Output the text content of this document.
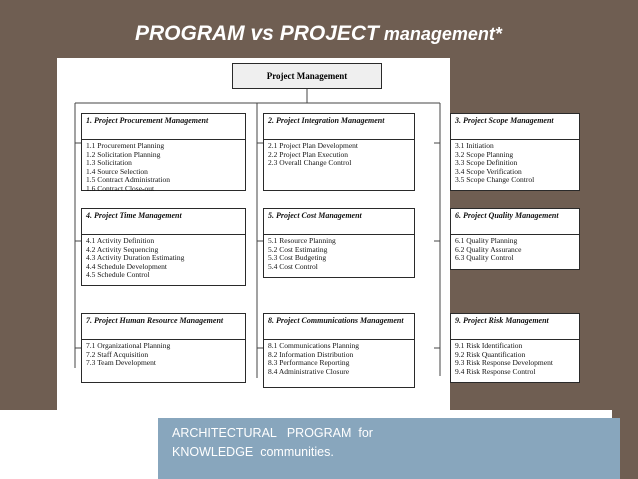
PROGRAM vs PROJECT management*
Project Management
1. Project Procurement Management
1.1 Procurement Planning
1.2 Solicitation Planning
1.3 Solicitation
1.4 Source Selection
1.5 Contract Administration
1.6 Contract Close-out
2. Project Integration Management
2.1 Project Plan Development
2.2 Project Plan Execution
2.3 Overall Change Control
4. Project Time Management
4.1 Activity Definition
4.2 Activity Sequencing
4.3 Activity Duration Estimating
4.4 Schedule Development
4.5 Schedule Control
5. Project Cost Management
5.1 Resource Planning
5.2 Cost Estimating
5.3 Cost Budgeting
5.4 Cost Control
7. Project Human Resource Management
7.1 Organizational Planning
7.2 Staff Acquisition
7.3 Team Development
8. Project Communications Management
8.1 Communications Planning
8.2 Information Distribution
8.3 Performance Reporting
8.4 Administrative Closure
3. Project Scope Management
3.1 Initiation
3.2 Scope Planning
3.3 Scope Definition
3.4 Scope Verification
3.5 Scope Change Control
6. Project Quality Management
6.1 Quality Planning
6.2 Quality Assurance
6.3 Quality Control
9. Project Risk Management
9.1 Risk Identification
9.2 Risk Quantification
9.3 Risk Response Development
9.4 Risk Response Control

ARCHITECTURAL   PROGRAM  for
KNOWLEDGE  communities.
